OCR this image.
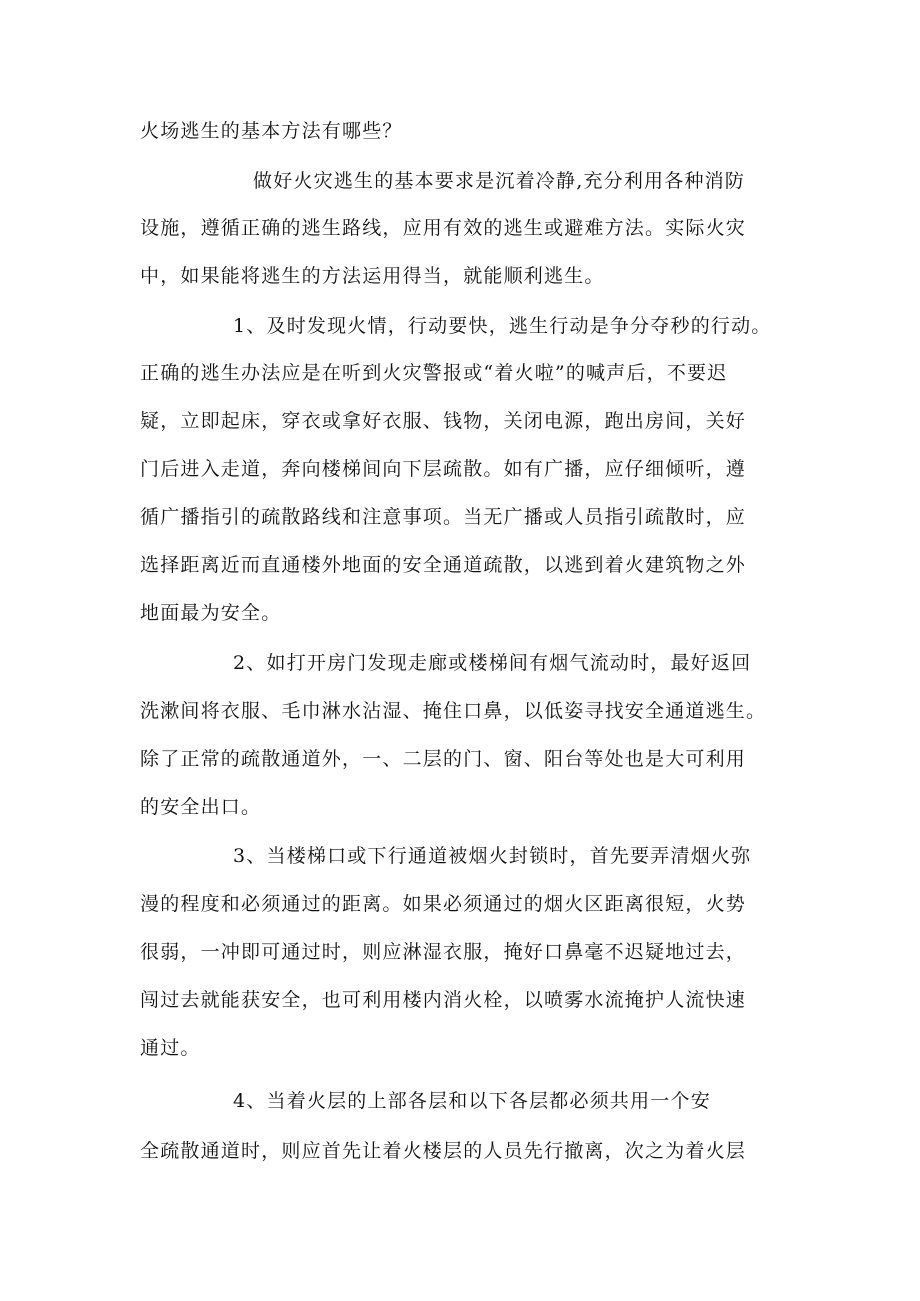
火场逃生的基本方法有哪些？
做好火灾逃生的基本要求是沉着冷静,充分利用各种消防
设施，遵循正确的逃生路线，应用有效的逃生或避难方法。实际火灾
中，如果能将逃生的方法运用得当，就能顺利逃生。
1、及时发现火情，行动要快，逃生行动是争分夺秒的行动。
正确的逃生办法应是在听到火灾警报或“着火啦”的喊声后，不要迟
疑，立即起床，穿衣或拿好衣服、钱物，关闭电源，跑出房间，关好
门后进入走道，奔向楼梯间向下层疏散。如有广播，应仔细倾听，遵
循广播指引的疏散路线和注意事项。当无广播或人员指引疏散时，应
选择距离近而直通楼外地面的安全通道疏散，以逃到着火建筑物之外
地面最为安全。
2、如打开房门发现走廊或楼梯间有烟气流动时，最好返回
洗漱间将衣服、毛巾淋水沾湿、掩住口鼻，以低姿寻找安全通道逃生。
除了正常的疏散通道外，一、二层的门、窗、阳台等处也是大可利用
的安全出口。
3、当楼梯口或下行通道被烟火封锁时，首先要弄清烟火弥
漫的程度和必须通过的距离。如果必须通过的烟火区距离很短，火势
很弱，一冲即可通过时，则应淋湿衣服，掩好口鼻毫不迟疑地过去，
闯过去就能获安全，也可利用楼内消火栓，以喷雾水流掩护人流快速
通过。
4、当着火层的上部各层和以下各层都必须共用一个安
全疏散通道时，则应首先让着火楼层的人员先行撤离，次之为着火层
